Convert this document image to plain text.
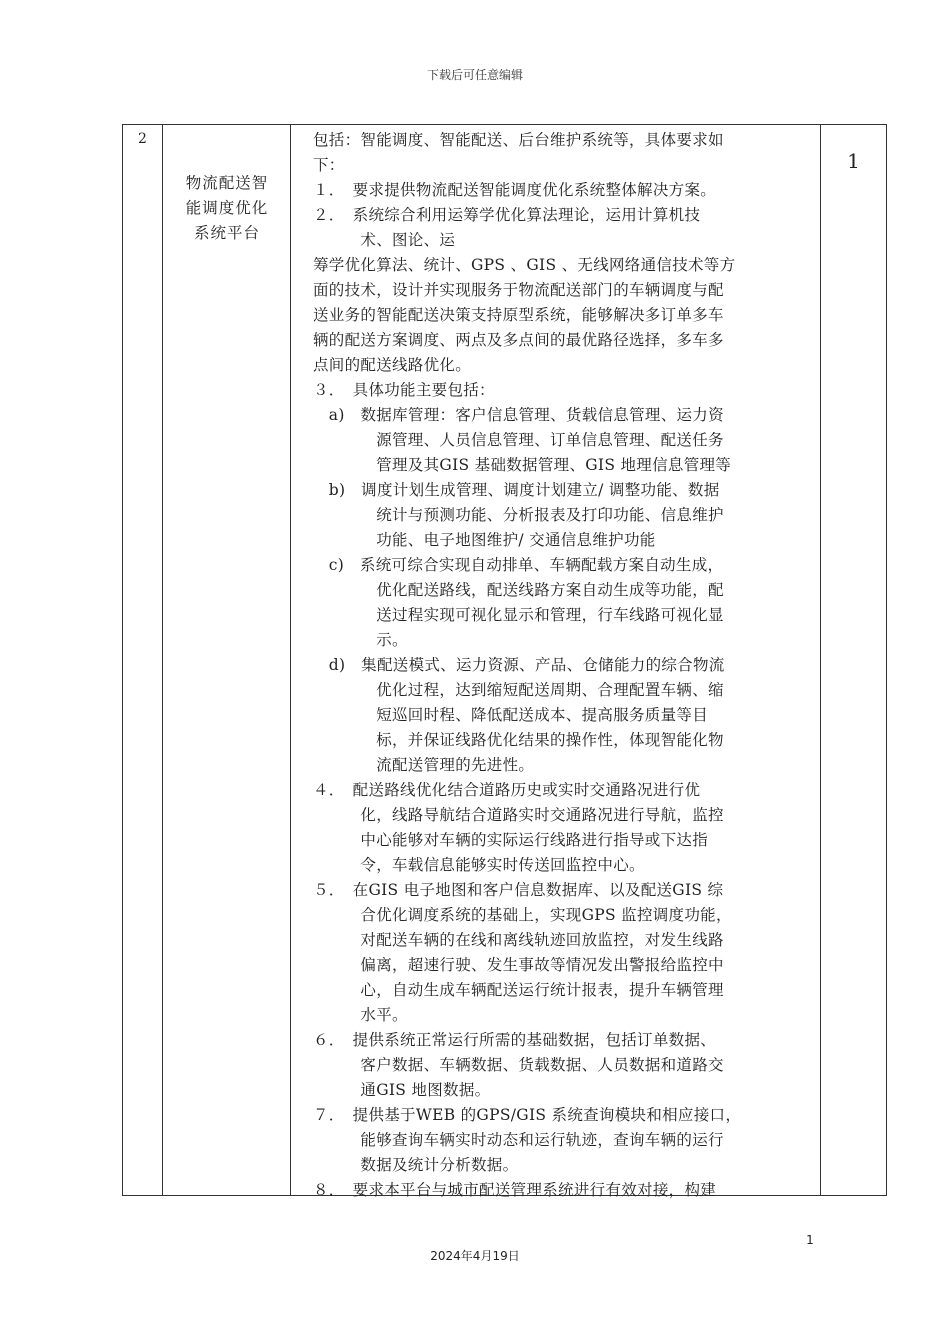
下载后可任意编辑
2
物流配送智
能调度优化
系统平台
包括：智能调度、智能配送、后台维护系统等，具体要求如
下：
１．　要求提供物流配送智能调度优化系统整体解决方案。
２．　系统综合利用运筹学优化算法理论，运用计算机技
　　　术、图论、运
筹学优化算法、统计、GPS 、GIS 、无线网络通信技术等方
面的技术，设计并实现服务于物流配送部门的车辆调度与配
送业务的智能配送决策支持原型系统，能够解决多订单多车
辆的配送方案调度、两点及多点间的最优路径选择，多车多
点间的配送线路优化。
３．　具体功能主要包括：
　a)　数据库管理：客户信息管理、货载信息管理、运力资
　　　　源管理、人员信息管理、订单信息管理、配送任务
　　　　管理及其GIS 基础数据管理、GIS 地理信息管理等
　b)　调度计划生成管理、调度计划建立/ 调整功能、数据
　　　　统计与预测功能、分析报表及打印功能、信息维护
　　　　功能、电子地图维护/ 交通信息维护功能
　c)　系统可综合实现自动排单、车辆配载方案自动生成，
　　　　优化配送路线，配送线路方案自动生成等功能，配
　　　　送过程实现可视化显示和管理，行车线路可视化显
　　　　示。
　d)　集配送模式、运力资源、产品、仓储能力的综合物流
　　　　优化过程，达到缩短配送周期、合理配置车辆、缩
　　　　短巡回时程、降低配送成本、提高服务质量等目
　　　　标，并保证线路优化结果的操作性，体现智能化物
　　　　流配送管理的先进性。
４．　配送路线优化结合道路历史或实时交通路况进行优
　　　化，线路导航结合道路实时交通路况进行导航，监控
　　　中心能够对车辆的实际运行线路进行指导或下达指
　　　令，车载信息能够实时传送回监控中心。
５．　在GIS 电子地图和客户信息数据库、以及配送GIS 综
　　　合优化调度系统的基础上，实现GPS 监控调度功能，
　　　对配送车辆的在线和离线轨迹回放监控，对发生线路
　　　偏离，超速行驶、发生事故等情况发出警报给监控中
　　　心，自动生成车辆配送运行统计报表，提升车辆管理
　　　水平。
６．　提供系统正常运行所需的基础数据，包括订单数据、
　　　客户数据、车辆数据、货载数据、人员数据和道路交
　　　通GIS 地图数据。
７．　提供基于WEB 的GPS/GIS 系统查询模块和相应接口，
　　　能够查询车辆实时动态和运行轨迹，查询车辆的运行
　　　数据及统计分析数据。
８．　要求本平台与城市配送管理系统进行有效对接，构建
1
1
2024年4月19日
